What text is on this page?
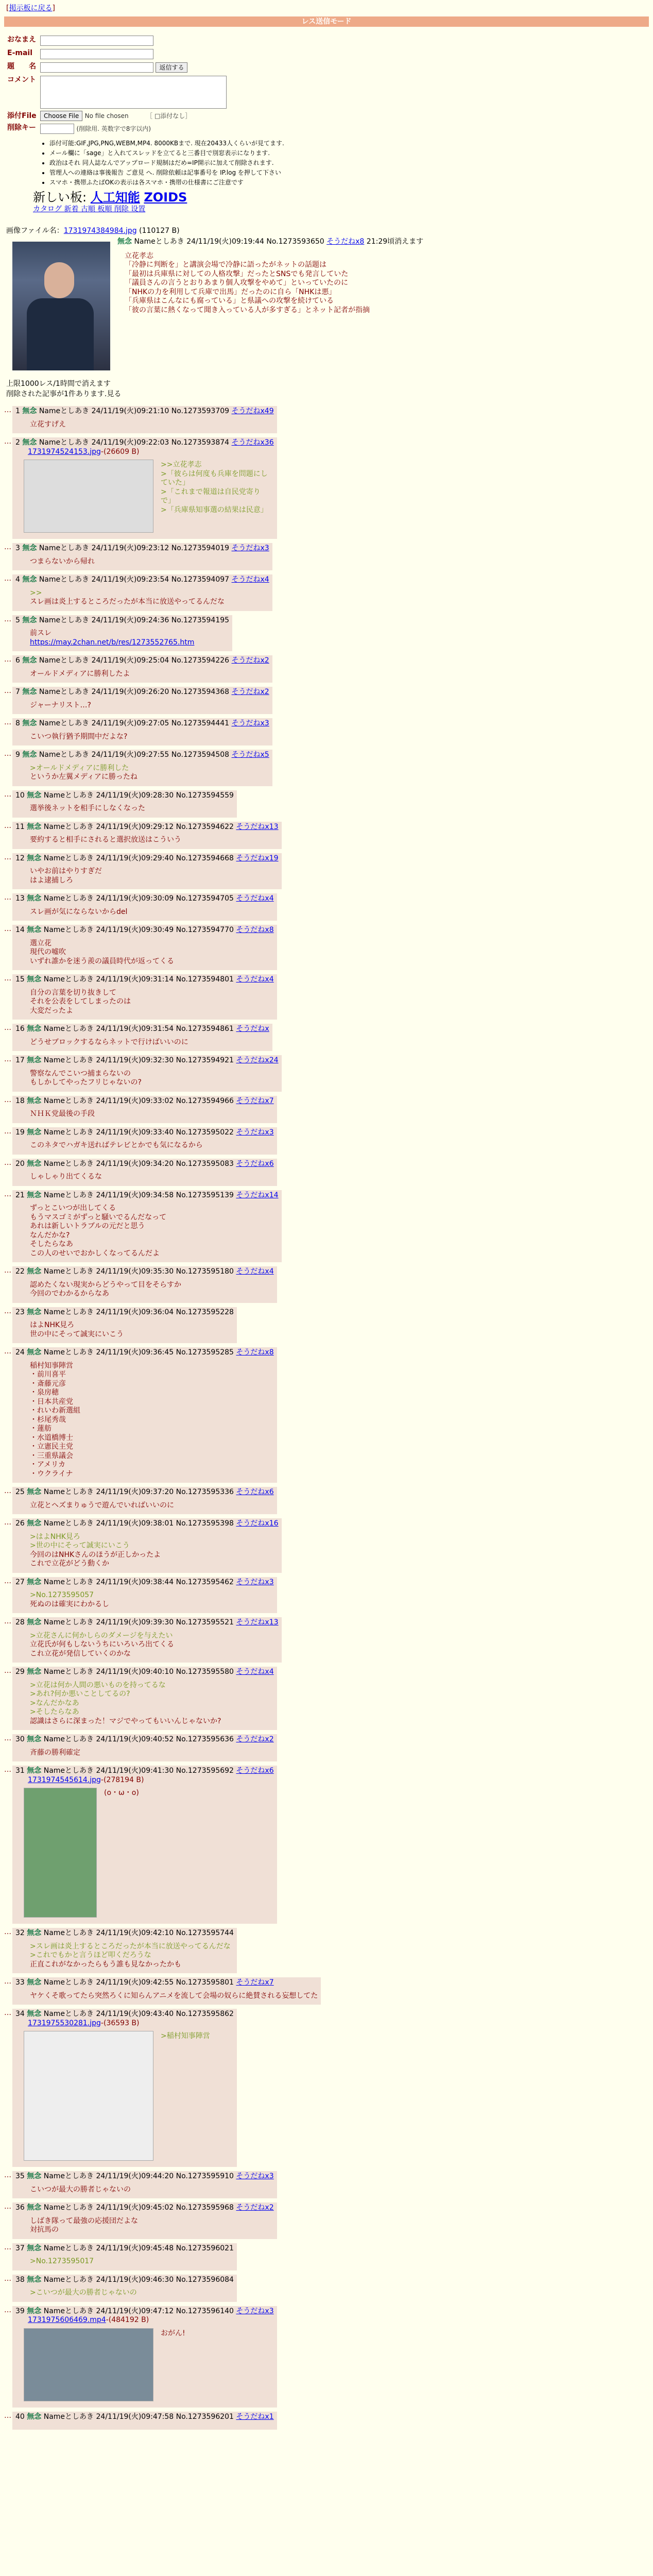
[掲示板に戻る]
レス送信モード
おなまえ	

E-mail	

題　　名	返信する
コメント	

添付File	Choose File No file chosen ［ □添付なし］
削除キー	(削除用. 英数字で8字以内)
• 添付可能:GIF,JPG,PNG,WEBM,MP4. 8000KBまで. 現在20433人くらいが見てます.
• メール欄に「sage」と入れてスレッドを立てると三番目で別窓表示になります.
• 政治はそれ 同人誌なんでアップロード規制はだめ=IP開示に加えて削除されます.
• 管理人への連絡は事後報告 ご意見 へ. 削除依頼は記事番号を IP.log を押して下さい
• スマホ・携帯ふたばOKの表示は各スマホ・携帯の仕様書にご注意です
新しい板: 人工知能 ZOIDS
カタログ 新着 古順 板順 削除 设置
画像ファイル名：1731974384984.jpg (110127 B)
無念 Nameとしあき 24/11/19(火)09:19:44 No.1273593650 そうだねx8 21:29頃消えます
立花孝志
「冷静に判断を」と講演会場で冷静に語ったがネットの話題は
「最初は兵庫県に対しての人格攻撃」だったとSNSでも発言していた
「議員さんの言うとおりあまり個人攻撃をやめて」といっていたのに
「NHKの力を利用して兵庫で出馬」だったのに自ら「NHKは悪」
「兵庫県はこんなにも腐っている」と県議への攻撃を続けている
「彼の言葉に熱くなって聞き入っている人が多すぎる」とネット記者が指摘
上限1000レス/1時間で消えます
削除された記事が1件あります.見る
… 1 無念 Nameとしあき 24/11/19(火)09:21:10 No.1273593709 そうだねx49
立花すげえ
… 2 無念 Nameとしあき 24/11/19(火)09:22:03 No.1273593874 そうだねx36
1731974524153.jpg-(26609 B)
>>立花孝志
>「彼らは何度も兵庫を問題にしていた」
>「これまで報道は自民党寄りで」
>「兵庫県知事選の結果は民意」
… 3 無念 Nameとしあき 24/11/19(火)09:23:12 No.1273594019 そうだねx3
つまらないから帰れ
… 4 無念 Nameとしあき 24/11/19(火)09:23:54 No.1273594097 そうだねx4
>>
スレ画は炎上するところだったが本当に放送やってるんだな
… 5 無念 Nameとしあき 24/11/19(火)09:24:36 No.1273594195
前スレ
https://may.2chan.net/b/res/1273552765.htm
… 6 無念 Nameとしあき 24/11/19(火)09:25:04 No.1273594226 そうだねx2
オールドメディアに勝利したよ
… 7 無念 Nameとしあき 24/11/19(火)09:26:20 No.1273594368 そうだねx2
ジャーナリスト…?
… 8 無念 Nameとしあき 24/11/19(火)09:27:05 No.1273594441 そうだねx3
こいつ執行猶予期間中だよな?
… 9 無念 Nameとしあき 24/11/19(火)09:27:55 No.1273594508 そうだねx5
>オールドメディアに勝利した
というか左翼メディアに勝ったね
… 10 無念 Nameとしあき 24/11/19(火)09:28:30 No.1273594559
選挙後ネットを相手にしなくなった
… 11 無念 Nameとしあき 24/11/19(火)09:29:12 No.1273594622 そうだねx13
要約すると相手にされると選択放送はこういう
… 12 無念 Nameとしあき 24/11/19(火)09:29:40 No.1273594668 そうだねx19
いやお前はやりすぎだ
はよ逮捕しろ
… 13 無念 Nameとしあき 24/11/19(火)09:30:09 No.1273594705 そうだねx4
スレ画が気にならないからdel
… 14 無念 Nameとしあき 24/11/19(火)09:30:49 No.1273594770 そうだねx8
選立花
現代の嘘吹
いずれ誰かを迷う羨の議員時代が返ってくる
… 15 無念 Nameとしあき 24/11/19(火)09:31:14 No.1273594801 そうだねx4
自分の言葉を切り抜きして
それを公表をしてしまったのは
大変だったよ
… 16 無念 Nameとしあき 24/11/19(火)09:31:54 No.1273594861 そうだねx
どうせブロックするならネットで行けばいいのに
… 17 無念 Nameとしあき 24/11/19(火)09:32:30 No.1273594921 そうだねx24
警察なんでこいつ捕まらないの
もしかしてやったフリじゃないの?
… 18 無念 Nameとしあき 24/11/19(火)09:33:02 No.1273594966 そうだねx7
ＮＨＫ党最後の手段
… 19 無念 Nameとしあき 24/11/19(火)09:33:40 No.1273595022 そうだねx3
このネタでハガキ送ればテレビとかでも気になるから
… 20 無念 Nameとしあき 24/11/19(火)09:34:20 No.1273595083 そうだねx6
しゃしゃり出てくるな
… 21 無念 Nameとしあき 24/11/19(火)09:34:58 No.1273595139 そうだねx14
ずっとこいつが出してくる
もうマスゴミがずっと騒いでるんだなって
あれは新しいトラブルの元だと思う
なんだかな?
そしたらなあ
この人のせいでおかしくなってるんだよ
… 22 無念 Nameとしあき 24/11/19(火)09:35:30 No.1273595180 そうだねx4
認めたくない現実からどうやって目をそらすか
今回のでわかるからなあ
… 23 無念 Nameとしあき 24/11/19(火)09:36:04 No.1273595228
はよNHK見ろ
世の中にそって誠実にいこう
… 24 無念 Nameとしあき 24/11/19(火)09:36:45 No.1273595285 そうだねx8
稲村知事陣営
・前川喜平
・斎藤元彦
・泉房穂
・日本共産党
・れいわ新選組
・杉尾秀哉
・蓮舫
・水道橋博士
・立憲民主党
・三重県議会
・アメリカ
・ウクライナ
… 25 無念 Nameとしあき 24/11/19(火)09:37:20 No.1273595336 そうだねx6
立花とヘズまりゅうで遊んでいればいいのに
… 26 無念 Nameとしあき 24/11/19(火)09:38:01 No.1273595398 そうだねx16
>はよNHK見ろ
>世の中にそって誠実にいこう
今回のはNHKさんのほうが正しかったよ
これで立花がどう動くか
… 27 無念 Nameとしあき 24/11/19(火)09:38:44 No.1273595462 そうだねx3
>No.1273595057
死ぬのは確実にわかるし
… 28 無念 Nameとしあき 24/11/19(火)09:39:30 No.1273595521 そうだねx13
>立花さんに何かしらのダメージを与えたい
立花氏が何もしないうちにいろいろ出てくる
これ立花が発信していくのかな
… 29 無念 Nameとしあき 24/11/19(火)09:40:10 No.1273595580 そうだねx4
>立花は何か人間の悪いものを持ってるな
>あれ?何か悪いことしてるの?
>なんだかなあ
>そしたらなあ
認識はさらに深まった！マジでやってもいいんじゃないか?
… 30 無念 Nameとしあき 24/11/19(火)09:40:52 No.1273595636 そうだねx2
斉藤の勝利確定
… 31 無念 Nameとしあき 24/11/19(火)09:41:30 No.1273595692 そうだねx6
1731974545614.jpg-(278194 B)
(o・ω・o)
… 32 無念 Nameとしあき 24/11/19(火)09:42:10 No.1273595744
>スレ画は炎上するところだったが本当に放送やってるんだな
>これでもかと言うほど叩くだろうな
正直これがなかったらもう誰も見なかったかも
… 33 無念 Nameとしあき 24/11/19(火)09:42:55 No.1273595801 そうだねx7
ヤケくそ歌ってたら突然ろくに知らんアニメを流して会場の奴らに絶賛される妄想してた
… 34 無念 Nameとしあき 24/11/19(火)09:43:40 No.1273595862
1731975530281.jpg-(36593 B)
>稲村知事陣営
… 35 無念 Nameとしあき 24/11/19(火)09:44:20 No.1273595910 そうだねx3
こいつが最大の勝者じゃないの
… 36 無念 Nameとしあき 24/11/19(火)09:45:02 No.1273595968 そうだねx2
しばき隊って最強の応援団だよな
対抗馬の
… 37 無念 Nameとしあき 24/11/19(火)09:45:48 No.1273596021
>No.1273595017
… 38 無念 Nameとしあき 24/11/19(火)09:46:30 No.1273596084
>こいつが最大の勝者じゃないの
… 39 無念 Nameとしあき 24/11/19(火)09:47:12 No.1273596140 そうだねx3
1731975606469.mp4-(484192 B)
おがん!
… 40 無念 Nameとしあき 24/11/19(火)09:47:58 No.1273596201 そうだねx1
